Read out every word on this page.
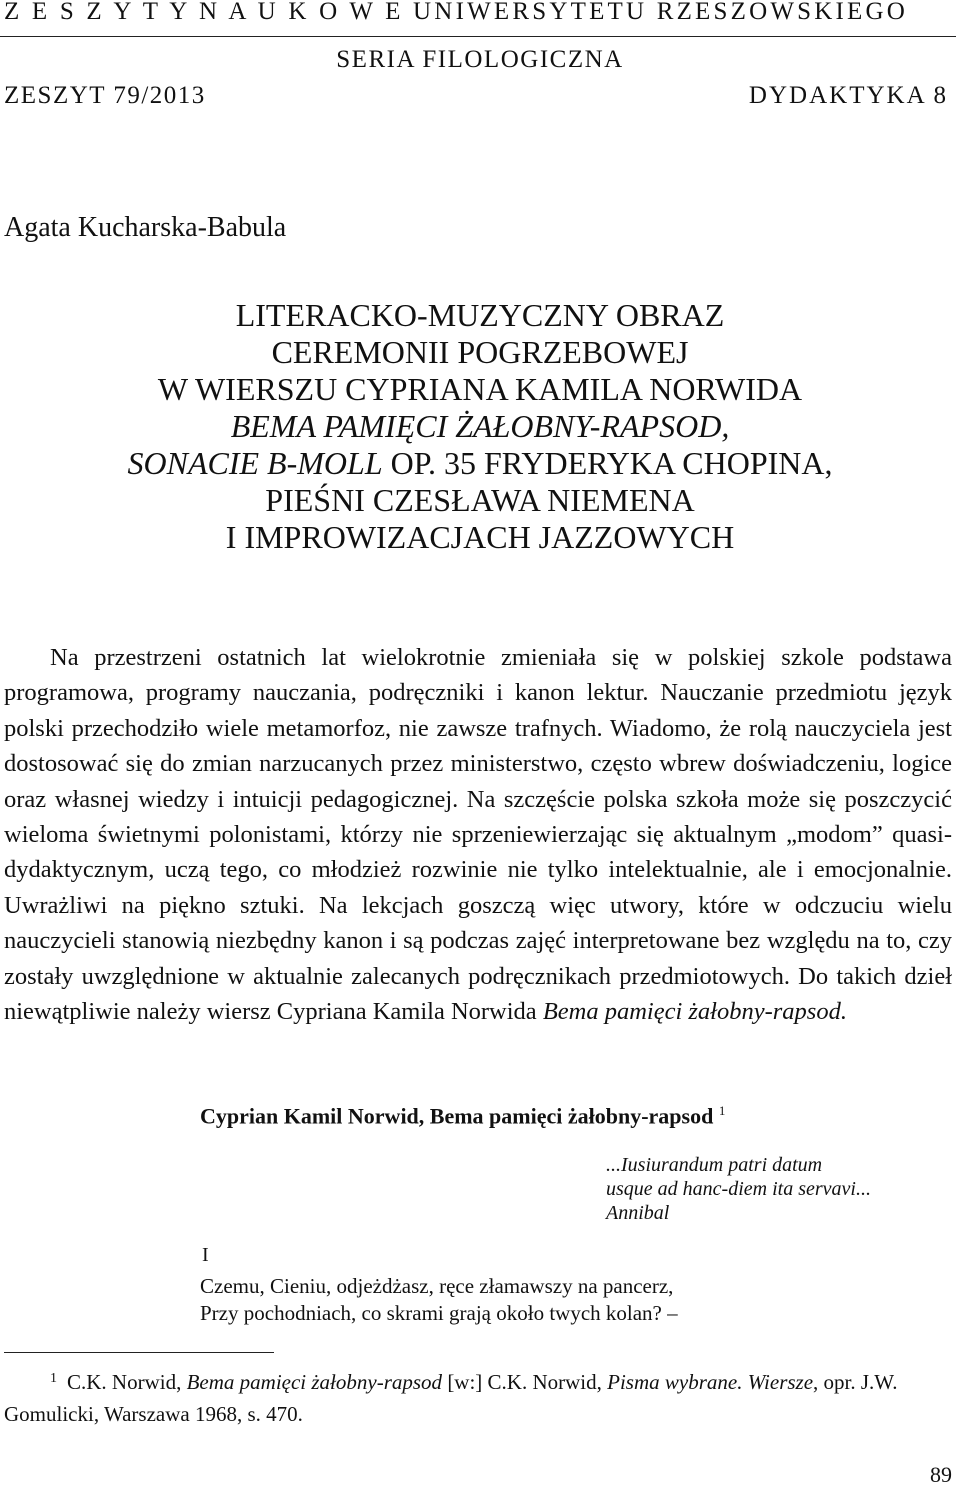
Z E S Z Y T Y N A U K O W E UNIWERSYTETU RZESZOWSKIEGO
SERIA FILOLOGICZNA
ZESZYT 79/2013	DYDAKTYKA 8
Agata Kucharska-Babula
LITERACKO-MUZYCZNY OBRAZ
CEREMONII POGRZEBOWEJ
W WIERSZU CYPRIANA KAMILA NORWIDA
BEMA PAMIĘCI ŻAŁOBNY-RAPSOD,
SONACIE B-MOLL OP. 35 FRYDERYKA CHOPINA,
PIEŚNI CZESŁAWA NIEMENA
I IMPROWIZACJACH JAZZOWYCH

Na przestrzeni ostatnich lat wielokrotnie zmieniała się w polskiej szkole podstawa programowa, programy nauczania, podręczniki i kanon lektur. Nauczanie przedmiotu język polski przechodziło wiele metamorfoz, nie zawsze trafnych. Wiadomo, że rolą nauczyciela jest dostosować się do zmian narzucanych przez ministerstwo, często wbrew doświadczeniu, logice oraz własnej wiedzy i intuicji pedagogicznej. Na szczęście polska szkoła może się poszczycić wieloma świetnymi polonistami, którzy nie sprzeniewierzając się aktualnym „modom” quasi-dydaktycznym, uczą tego, co młodzież rozwinie nie tylko intelektualnie, ale i emocjonalnie. Uwrażliwi na piękno sztuki. Na lekcjach goszczą więc utwory, które w odczuciu wielu nauczycieli stanowią niezbędny kanon i są podczas zajęć interpretowane bez względu na to, czy zostały uwzględnione w aktualnie zalecanych podręcznikach przedmiotowych. Do takich dzieł niewątpliwie należy wiersz Cypriana Kamila Norwida Bema pamięci żałobny-rapsod.

Cyprian Kamil Norwid, Bema pamięci żałobny-rapsod $^1$
...Iusiurandum patri datum
usque ad hanc-diem ita servavi...
Annibal
I
Czemu, Cieniu, odjeżdżasz, ręce złamawszy na pancerz,
Przy pochodniach, co skrami grają około twych kolan? –
$^1$ C.K. Norwid, Bema pamięci żałobny-rapsod [w:] C.K. Norwid, Pisma wybrane. Wiersze, opr. J.W. Gomulicki, Warszawa 1968, s. 470.
89
